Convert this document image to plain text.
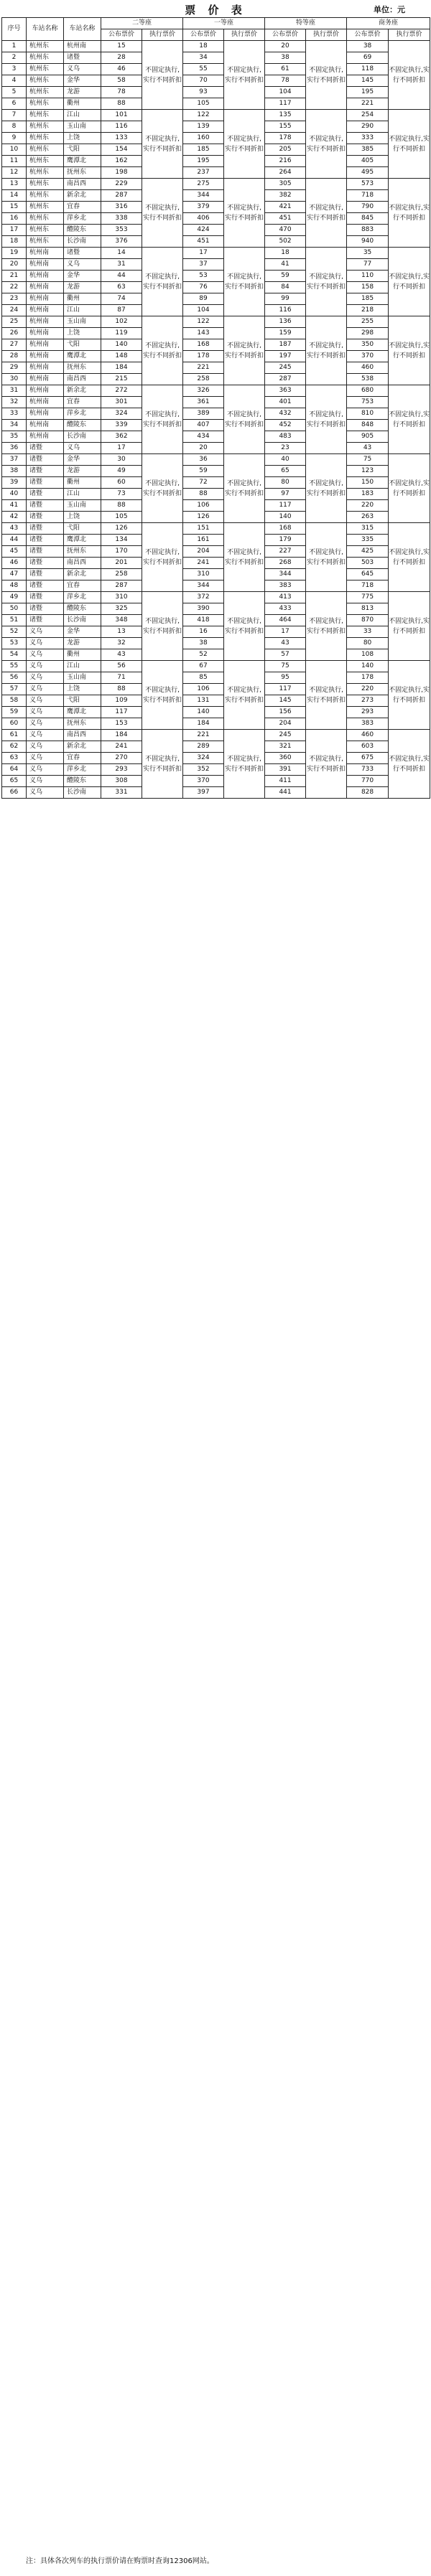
票 价 表	单位：元
序号	车站名称	车站名称	二等座		一等座		特等座		商务座	
			公布票价	执行票价	公布票价	执行票价	公布票价	执行票价	公布票价	执行票价
1	杭州东	杭州南	15	不固定执行,实行不同折扣	18	不固定执行,实行不同折扣	20	不固定执行,实行不同折扣	38	不固定执行,实行不同折扣
2	杭州东	诸暨	28		34		38		69	
3	杭州东	义乌	46		55		61		118	
4	杭州东	金华	58		70		78		145	
5	杭州东	龙游	78		93		104		195	
6	杭州东	衢州	88		105		117		221	
7	杭州东	江山	101	不固定执行,实行不同折扣	122	不固定执行,实行不同折扣	135	不固定执行,实行不同折扣	254	不固定执行,实行不同折扣
8	杭州东	玉山南	116		139		155		290	
9	杭州东	上饶	133		160		178		333	
10	杭州东	弋阳	154		185		205		385	
11	杭州东	鹰潭北	162		195		216		405	
12	杭州东	抚州东	198		237		264		495	
13	杭州东	南昌西	229	不固定执行,实行不同折扣	275	不固定执行,实行不同折扣	305	不固定执行,实行不同折扣	573	不固定执行,实行不同折扣
14	杭州东	新余北	287		344		382		718	
15	杭州东	宜春	316		379		421		790	
16	杭州东	萍乡北	338		406		451		845	
17	杭州东	醴陵东	353		424		470		883	
18	杭州东	长沙南	376		451		502		940	
19	杭州南	诸暨	14	不固定执行,实行不同折扣	17	不固定执行,实行不同折扣	18	不固定执行,实行不同折扣	35	不固定执行,实行不同折扣
20	杭州南	义乌	31		37		41		77	
21	杭州南	金华	44		53		59		110	
22	杭州南	龙游	63		76		84		158	
23	杭州南	衢州	74		89		99		185	
24	杭州南	江山	87		104		116		218	
25	杭州南	玉山南	102	不固定执行,实行不同折扣	122	不固定执行,实行不同折扣	136	不固定执行,实行不同折扣	255	不固定执行,实行不同折扣
26	杭州南	上饶	119		143		159		298	
27	杭州南	弋阳	140		168		187		350	
28	杭州南	鹰潭北	148		178		197		370	
29	杭州南	抚州东	184		221		245		460	
30	杭州南	南昌西	215		258		287		538	
31	杭州南	新余北	272	不固定执行,实行不同折扣	326	不固定执行,实行不同折扣	363	不固定执行,实行不同折扣	680	不固定执行,实行不同折扣
32	杭州南	宜春	301		361		401		753	
33	杭州南	萍乡北	324		389		432		810	
34	杭州南	醴陵东	339		407		452		848	
35	杭州南	长沙南	362		434		483		905	
36	诸暨	义乌	17		20		23		43	
37	诸暨	金华	30	不固定执行,实行不同折扣	36	不固定执行,实行不同折扣	40	不固定执行,实行不同折扣	75	不固定执行,实行不同折扣
38	诸暨	龙游	49		59		65		123	
39	诸暨	衢州	60		72		80		150	
40	诸暨	江山	73		88		97		183	
41	诸暨	玉山南	88		106		117		220	
42	诸暨	上饶	105		126		140		263	
43	诸暨	弋阳	126	不固定执行,实行不同折扣	151	不固定执行,实行不同折扣	168	不固定执行,实行不同折扣	315	不固定执行,实行不同折扣
44	诸暨	鹰潭北	134		161		179		335	
45	诸暨	抚州东	170		204		227		425	
46	诸暨	南昌西	201		241		268		503	
47	诸暨	新余北	258		310		344		645	
48	诸暨	宜春	287		344		383		718	
49	诸暨	萍乡北	310	不固定执行,实行不同折扣	372	不固定执行,实行不同折扣	413	不固定执行,实行不同折扣	775	不固定执行,实行不同折扣
50	诸暨	醴陵东	325		390		433		813	
51	诸暨	长沙南	348		418		464		870	
52	义乌	金华	13		16		17		33	
53	义乌	龙游	32		38		43		80	
54	义乌	衢州	43		52		57		108	
55	义乌	江山	56	不固定执行,实行不同折扣	67	不固定执行,实行不同折扣	75	不固定执行,实行不同折扣	140	不固定执行,实行不同折扣
56	义乌	玉山南	71		85		95		178	
57	义乌	上饶	88		106		117		220	
58	义乌	弋阳	109		131		145		273	
59	义乌	鹰潭北	117		140		156		293	
60	义乌	抚州东	153		184		204		383	
61	义乌	南昌西	184	不固定执行,实行不同折扣	221	不固定执行,实行不同折扣	245	不固定执行,实行不同折扣	460	不固定执行,实行不同折扣
62	义乌	新余北	241		289		321		603	
63	义乌	宜春	270		324		360		675	
64	义乌	萍乡北	293		352		391		733	
65	义乌	醴陵东	308		370		411		770	
66	义乌	长沙南	331		397		441		828	
注：具体各次列车的执行票价请在购票时查询12306网站。
